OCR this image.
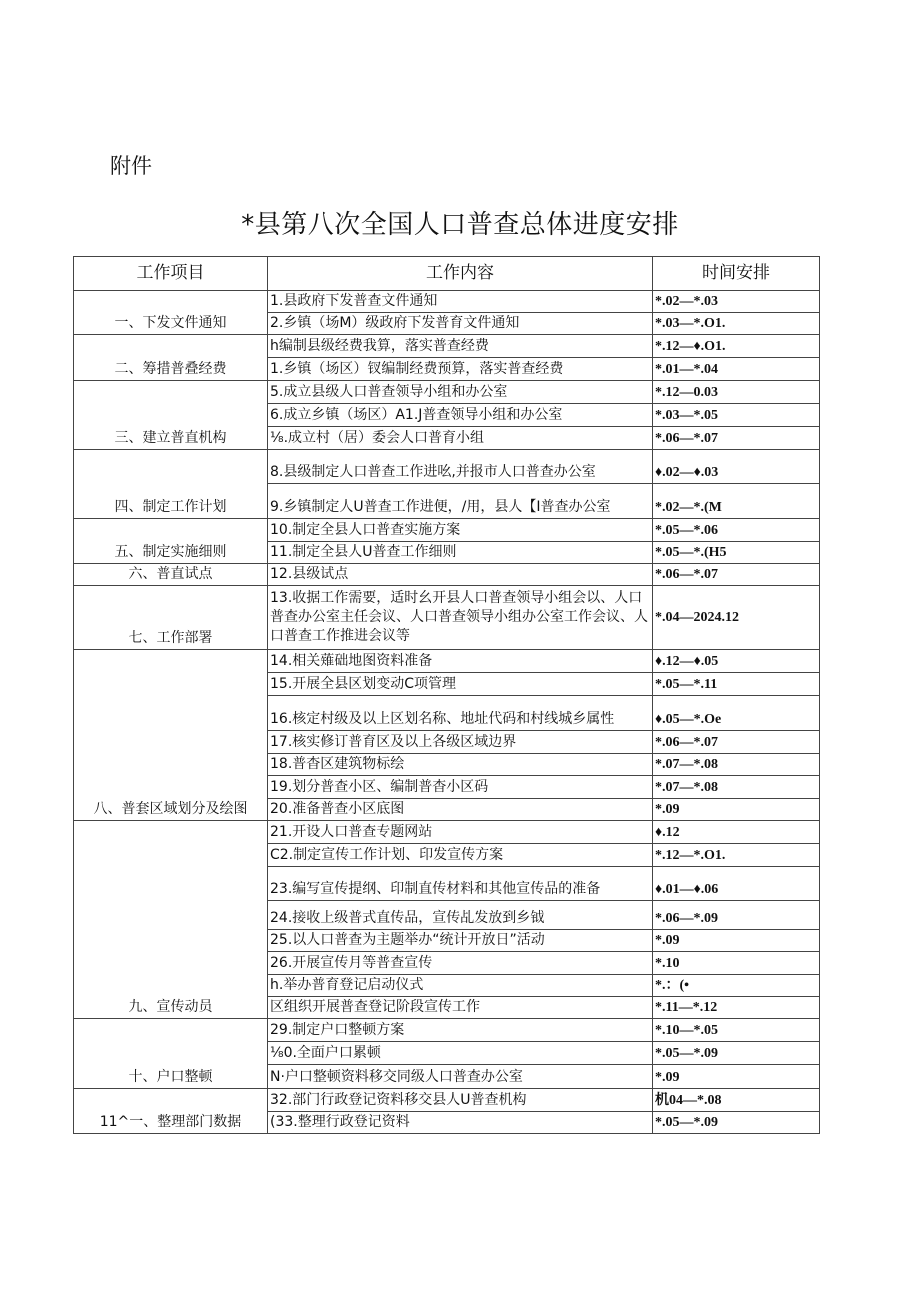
附件
*县第八次全国人口普查总体进度安排
工作项目	工作内容	时间安排
一、下发文件通知	1.县政府下发普查文件通知	*.02—*.03
	2.乡镇（场M）级政府下发普育文件通知	*.03—*.O1.
二、筹措普叠经费	h编制县级经费我算，落实普查经费	*.12—♦.O1.
	1.乡镇（场区）钗编制经费预算，落实普查经费	*.01—*.04
三、建立普直机构	5.成立县级人口普查领导小组和办公室	*.12—0.03
	6.成立乡镇（场区）A1.J普查领导小组和办公室	*.03—*.05
	⅛.成立村（居）委会人口普育小组	*.06—*.07
四、制定工作计划	8.县级制定人口普查工作进吆,并报市人口普查办公室	♦.02—♦.03
	9.乡镇制定人U普查工作进便，/用，县人【I普查办公室	*.02—*.(M
五、制定实施细则	10.制定全县人口普查实施方案	*.05—*.06
	11.制定全县人U普查工作细则	*.05—*.(H5
六、普直试点	12.县级试点	*.06—*.07
七、工作部署	13.收据工作需要，适时幺开县人口普查领导小组会以、人口普查办公室主任会议、人口普查领导小组办公室工作会议、人口普查工作推进会议等	*.04—2024.12
八、普套区域划分及绘图	14.相关薙础地图资料准备	♦.12—♦.05
	15.开展全县区划变动C项管理	*.05—*.11
	16.核定村级及以上区划名称、地址代码和村线城乡属性	♦.05—*.Oe
	17.核实修订普育区及以上各级区域边界	*.06—*.07
	18.普杳区建筑物标绘	*.07—*.08
	19.划分普查小区、编制普杳小区码	*.07—*.08
	20.准备普查小区底图	*.09
九、宣传动员	21.开设人口普查专题网站	♦.12
	C2.制定宣传工作计划、印发宣传方案	*.12—*.O1.
	23.编写宣传提纲、印制直传材料和其他宣传品的准备	♦.01—♦.06
	24.接收上级普式直传品，宣传乩发放到乡钺	*.06—*.09
	25.以人口普查为主题举办“统计开放日”活动	*.09
	26.开展宣传月等普查宣传	*.10
	h.举办普育登记启动仪式	*.：(•
	区组织开展普查登记阶段宣传工作	*.11—*.12
十、户口整顿	29.制定户口整顿方案	*.10—*.05
	⅛0.全面户口累顿	*.05—*.09
	N·户口整顿资料移交同级人口普查办公室	*.09
11^一、整理部门数据	32.部门行政登记资料移交县人U普查机构	机04—*.08
	(33.整理行政登记资料	*.05—*.09
